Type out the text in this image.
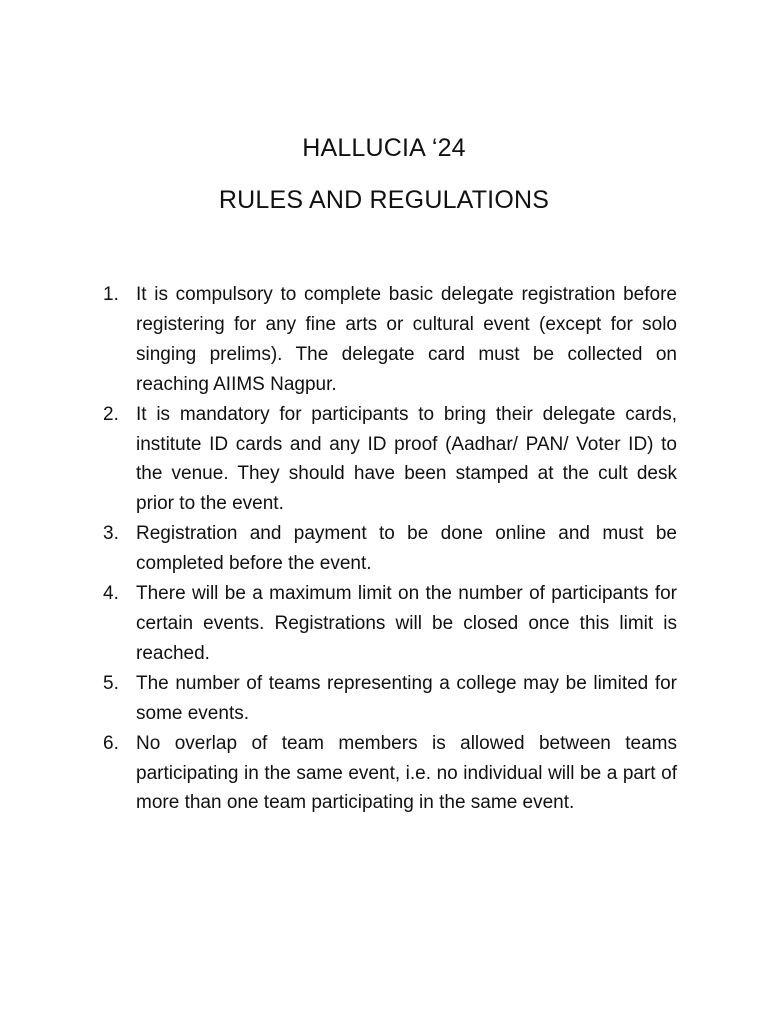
HALLUCIA ‘24
RULES AND REGULATIONS
1. It is compulsory to complete basic delegate registration before registering for any fine arts or cultural event (except for solo singing prelims). The delegate card must be collected on reaching AIIMS Nagpur.
2. It is mandatory for participants to bring their delegate cards, institute ID cards and any ID proof (Aadhar/ PAN/ Voter ID) to the venue. They should have been stamped at the cult desk prior to the event.
3. Registration and payment to be done online and must be completed before the event.
4. There will be a maximum limit on the number of participants for certain events. Registrations will be closed once this limit is reached.
5. The number of teams representing a college may be limited for some events.
6. No overlap of team members is allowed between teams participating in the same event, i.e. no individual will be a part of more than one team participating in the same event.
